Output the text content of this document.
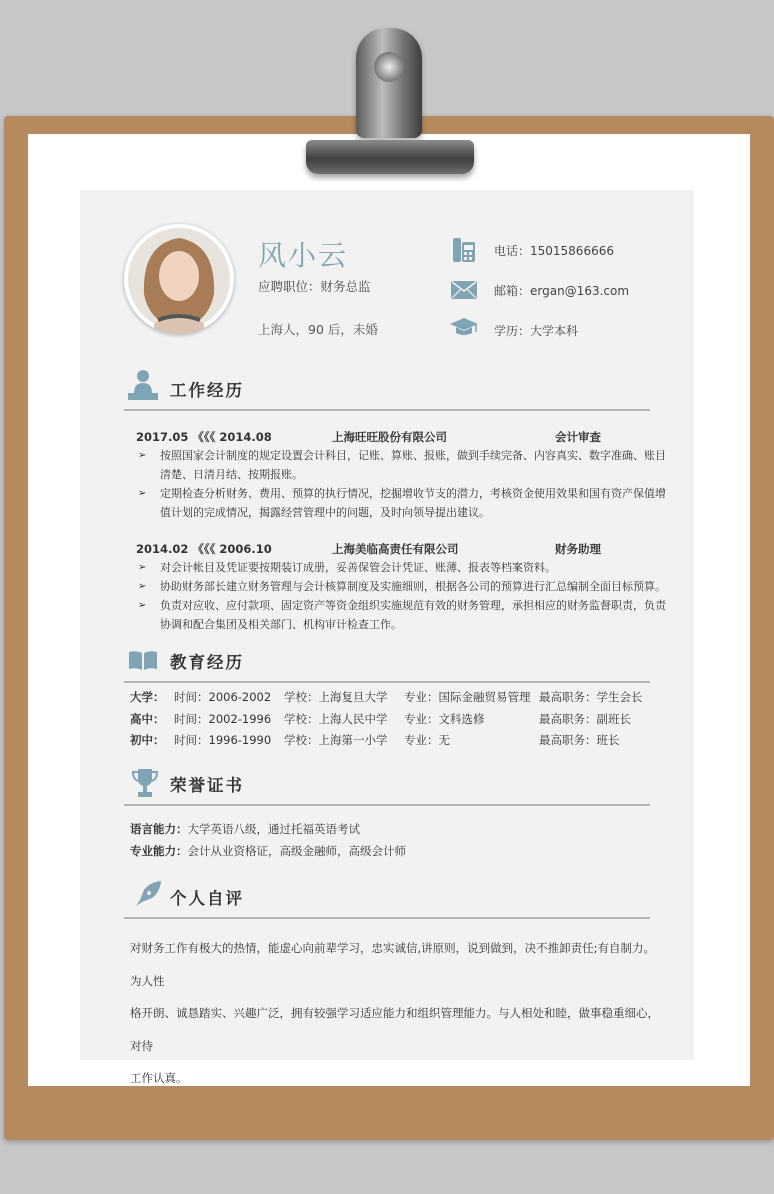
风小云
应聘职位：财务总监
上海人，90 后，未婚
电话：15015866666
邮箱：ergan@163.com
学历：大学本科
工作经历
2017.05 《《《 2014.08	上海旺旺股份有限公司	会计审查
➢ 按照国家会计制度的规定设置会计科目，记账、算账、报账，做到手续完备、内容真实、数字准确、账目
清楚、日清月结、按期报账。
➢ 定期检查分析财务、费用、预算的执行情况，挖掘增收节支的潜力，考核资金使用效果和国有资产保值增
值计划的完成情况，揭露经营管理中的问题，及时向领导提出建议。
2014.02 《《《 2006.10	上海美临高责任有限公司	财务助理
➢ 对会计帐目及凭证要按期装订成册，妥善保管会计凭证、账薄、报表等档案资料。
➢ 协助财务部长建立财务管理与会计核算制度及实施细则，根据各公司的预算进行汇总编制全面目标预算。
➢ 负责对应收、应付款项、固定资产等资金组织实施规范有效的财务管理，承担相应的财务监督职责，负责
协调和配合集团及相关部门、机构审计检查工作。
教育经历
大学： 时间：2006-2002 学校：上海复旦大学 专业：国际金融贸易管理 最高职务：学生会长
高中： 时间：2002-1996 学校：上海人民中学 专业：文科选修	最高职务：副班长
初中： 时间：1996-1990 学校：上海第一小学 专业：无	最高职务：班长
荣誉证书
语言能力：大学英语八级，通过托福英语考试
专业能力：会计从业资格证，高级金融师，高级会计师
个人自评
对财务工作有极大的热情，能虚心向前辈学习，忠实诚信,讲原则，说到做到，决不推卸责任;有自制力。为人性
格开朗、诚恳踏实、兴趣广泛，拥有较强学习适应能力和组织管理能力。与人相处和睦，做事稳重细心，对待
工作认真。
